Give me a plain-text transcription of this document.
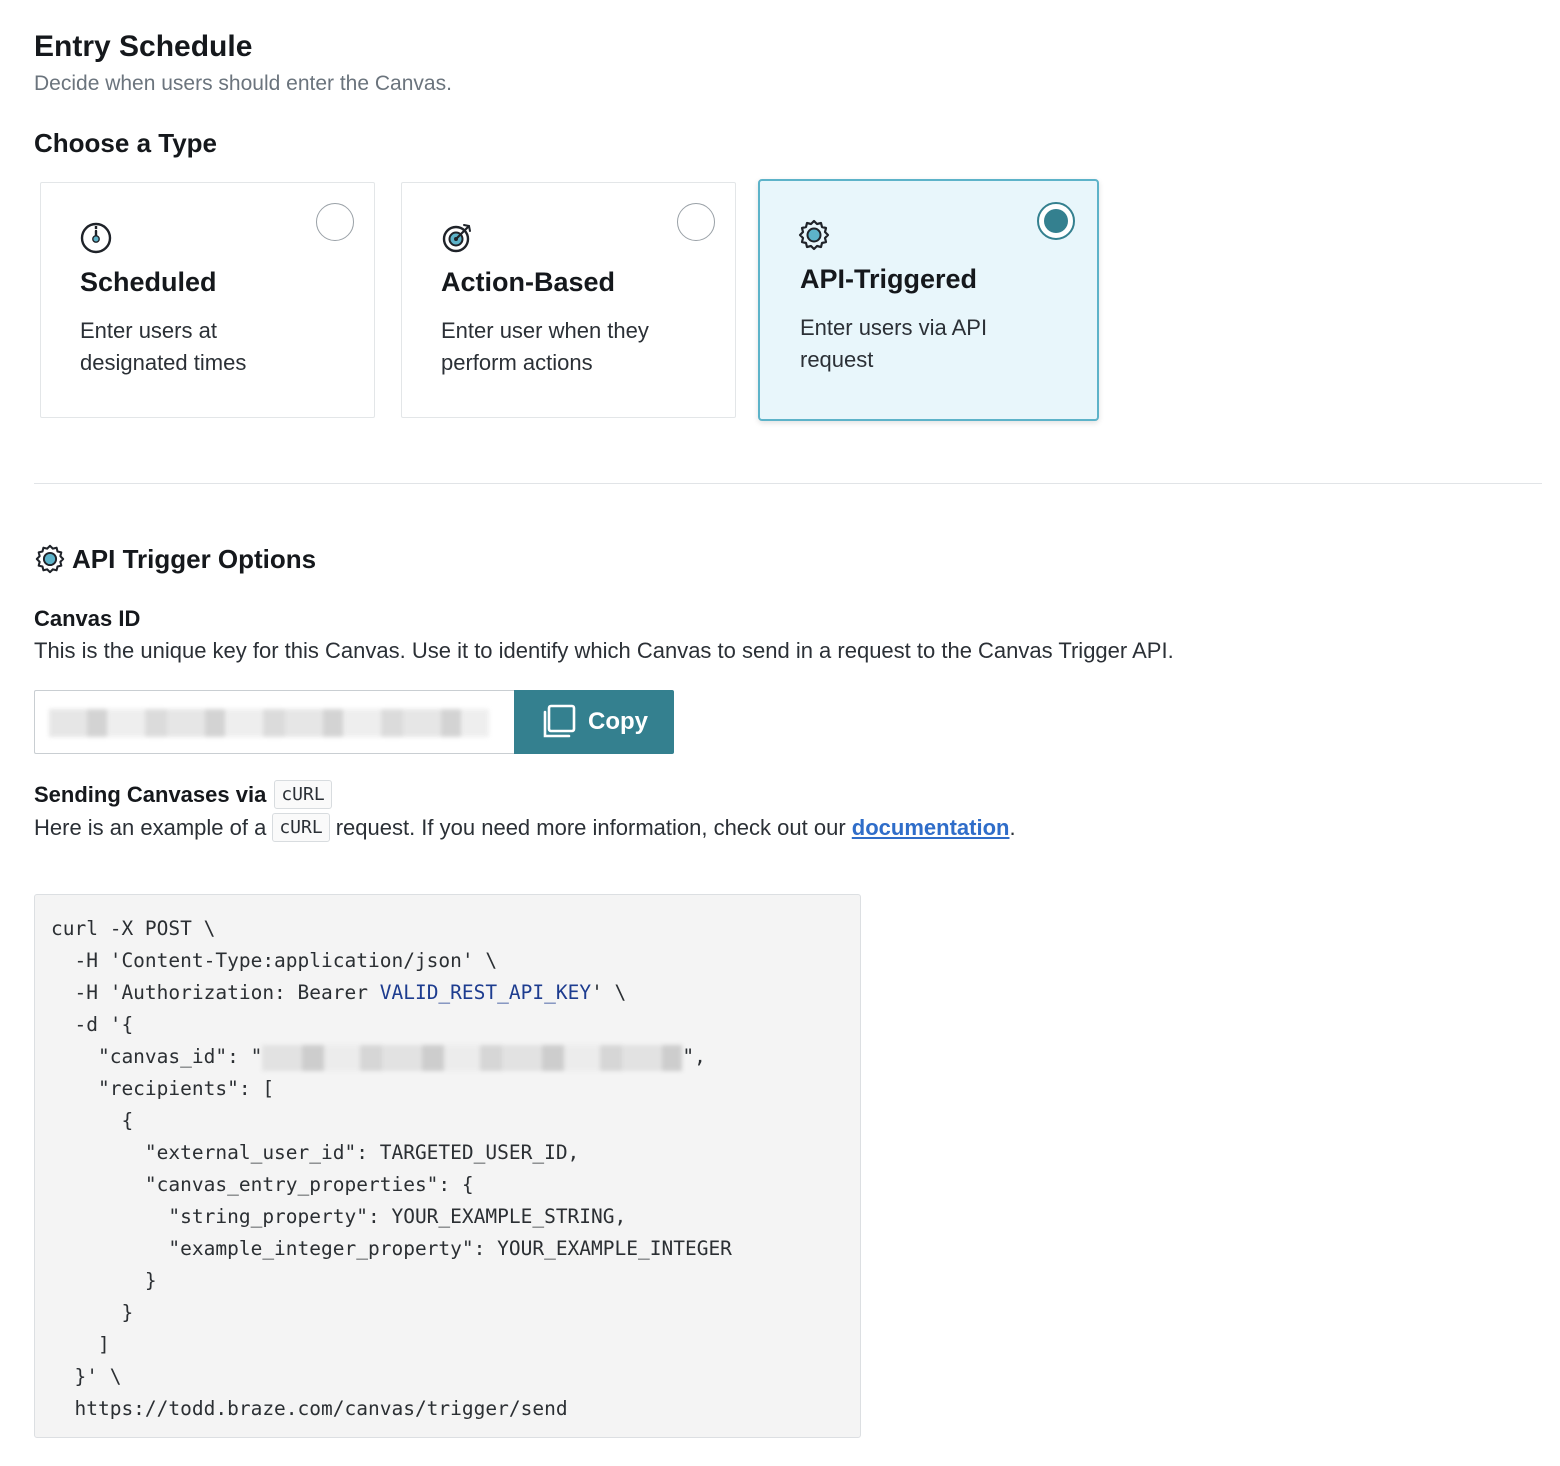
Entry Schedule
Decide when users should enter the Canvas.
Choose a Type
Scheduled
Enter users at designated times
Action-Based
Enter user when they perform actions
API-Triggered
Enter users via API request
API Trigger Options
Canvas ID
This is the unique key for this Canvas. Use it to identify which Canvas to send in a request to the Canvas Trigger API.
Copy
Sending Canvases via cURL
Here is an example of a cURL request. If you need more information, check out our
documentation .
curl -X POST \
-H 'Content-Type:application/json' \
-H 'Authorization: Bearer VALID_REST_API_KEY' \
-d '{
"canvas_id": "	",
"recipients": [
{
"external_user_id": TARGETED_USER_ID,
"canvas_entry_properties": {
"string_property": YOUR_EXAMPLE_STRING,
"example_integer_property": YOUR_EXAMPLE_INTEGER
}
}
]
}' \
https://todd.braze.com/canvas/trigger/send
